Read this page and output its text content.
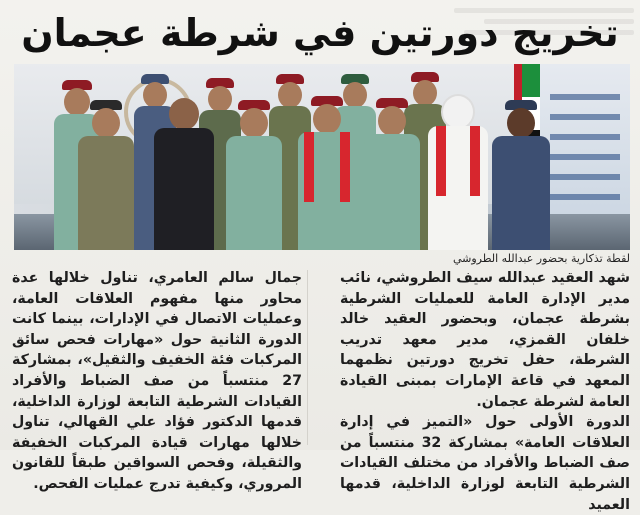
تخريج دورتين في شرطة عجمان
لقطة تذكارية بحضور عبدالله الطروشي

شهد العقيد عبدالله سيف الطروشي، نائب مدير الإدارة العامة للعمليات الشرطية بشرطة عجمان، وبحضور العقيد خالد خلفان القمزي، مدير معهد تدريب الشرطة، حفل تخريج دورتين نظمهما المعهد في قاعة الإمارات بمبنى القيادة العامة لشرطة عجمان.

الدورة الأولى حول «التميز في إدارة العلاقات العامة» بمشاركة 32 منتسباً من صف الضباط والأفراد من مختلف القيادات الشرطية التابعة لوزارة الداخلية، قدمها العميد

جمال سالم العامري، تناول خلالها عدة محاور منها مفهوم العلاقات العامة، وعمليات الاتصال في الإدارات، بينما كانت الدورة الثانية حول «مهارات فحص سائق المركبات فئة الخفيف والثقيل»، بمشاركة 27 منتسباً من صف الضباط والأفراد القيادات الشرطية التابعة لوزارة الداخلية، قدمها الدكتور فؤاد علي القهالي، تناول خلالها مهارات قيادة المركبات الخفيفة والثقيلة، وفحص السواقين طبقاً للقانون المروري، وكيفية تدرج عمليات الفحص.
